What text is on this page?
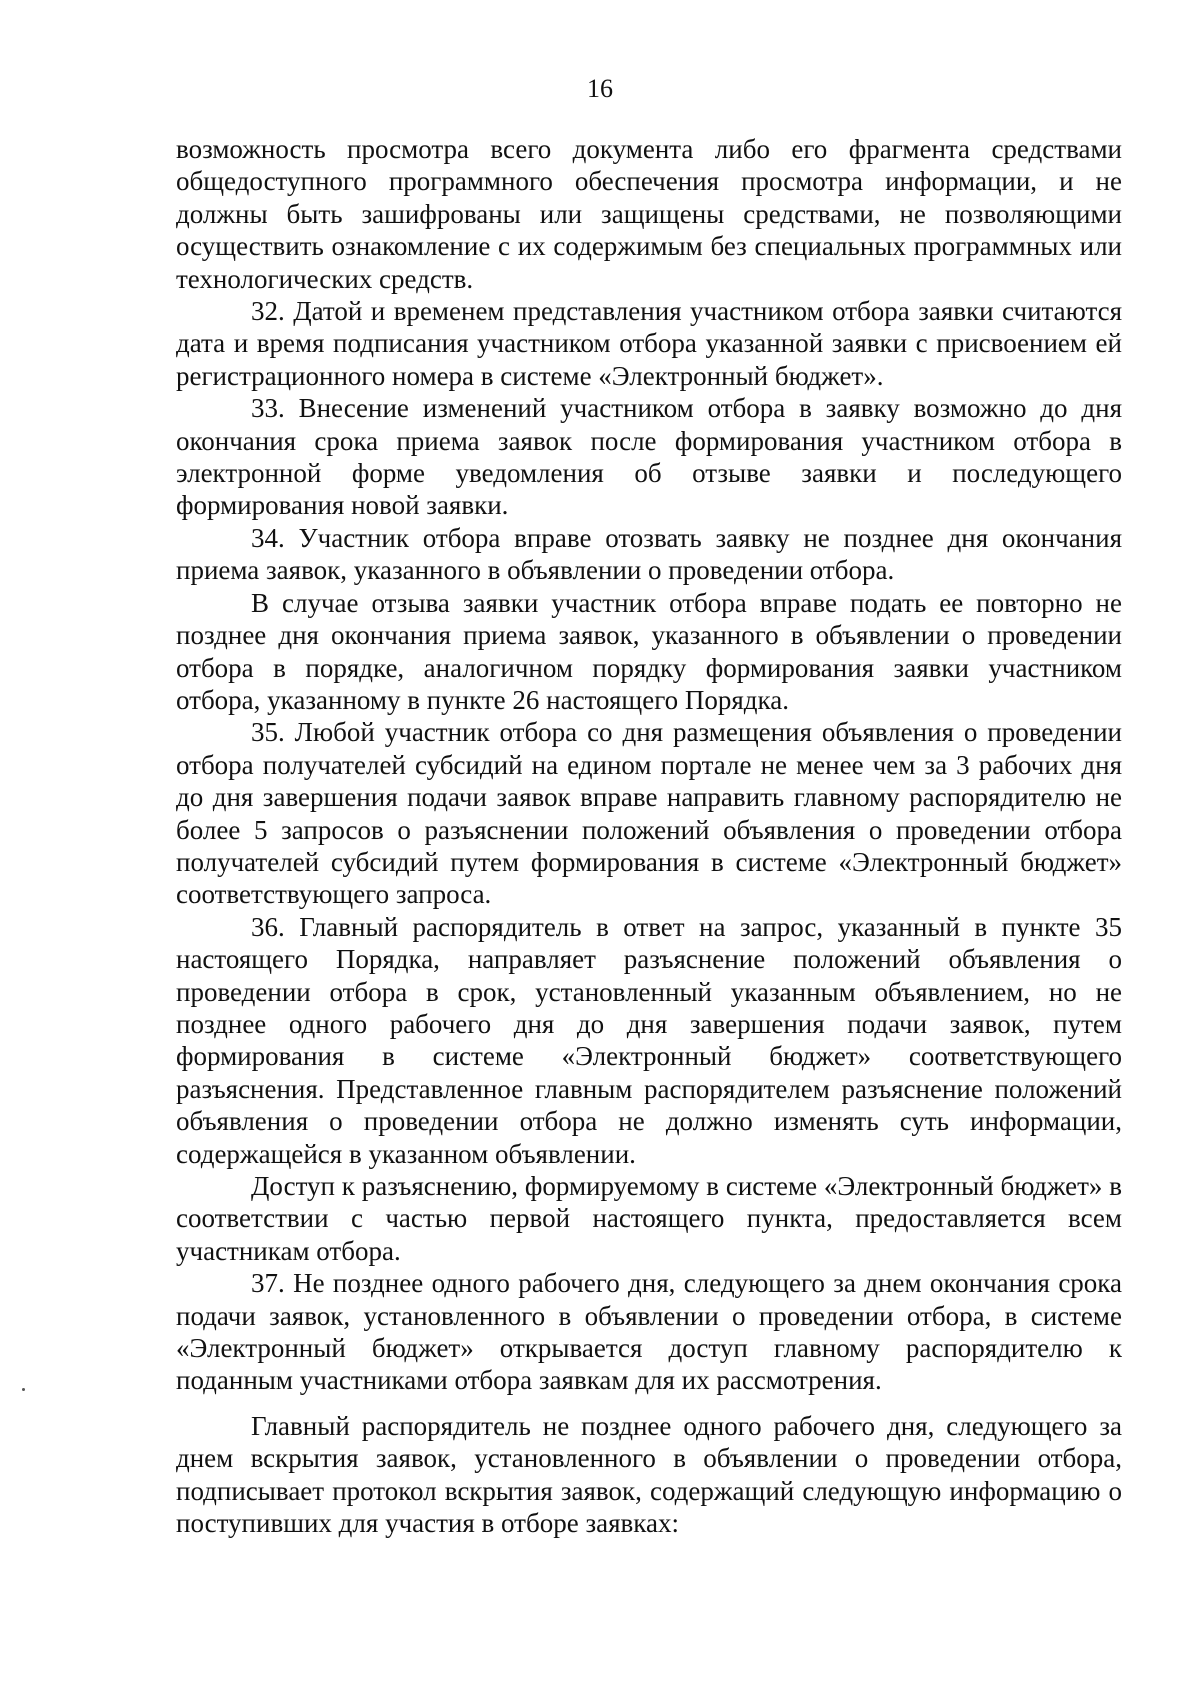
16

возможность просмотра всего документа либо его фрагмента средствами общедоступного программного обеспечения просмотра информации, и не должны быть зашифрованы или защищены средствами, не позволяющими осуществить ознакомление с их содержимым без специальных программных или технологических средств.

32. Датой и временем представления участником отбора заявки считаются дата и время подписания участником отбора указанной заявки с присвоением ей регистрационного номера в системе «Электронный бюджет».

33. Внесение изменений участником отбора в заявку возможно до дня окончания срока приема заявок после формирования участником отбора в электронной форме уведомления об отзыве заявки и последующего формирования новой заявки.

34. Участник отбора вправе отозвать заявку не позднее дня окончания приема заявок, указанного в объявлении о проведении отбора.

В случае отзыва заявки участник отбора вправе подать ее повторно не позднее дня окончания приема заявок, указанного в объявлении о проведении отбора в порядке, аналогичном порядку формирования заявки участником отбора, указанному в пункте 26 настоящего Порядка.

35. Любой участник отбора со дня размещения объявления о проведении отбора получателей субсидий на едином портале не менее чем за 3 рабочих дня до дня завершения подачи заявок вправе направить главному распорядителю не более 5 запросов о разъяснении положений объявления о проведении отбора получателей субсидий путем формирования в системе «Электронный бюджет» соответствующего запроса.

36. Главный распорядитель в ответ на запрос, указанный в пункте 35 настоящего Порядка, направляет разъяснение положений объявления о проведении отбора в срок, установленный указанным объявлением, но не позднее одного рабочего дня до дня завершения подачи заявок, путем формирования в системе «Электронный бюджет» соответствующего разъяснения. Представленное главным распорядителем разъяснение положений объявления о проведении отбора не должно изменять суть информации, содержащейся в указанном объявлении.

Доступ к разъяснению, формируемому в системе «Электронный бюджет» в соответствии с частью первой настоящего пункта, предоставляется всем участникам отбора.

37. Не позднее одного рабочего дня, следующего за днем окончания срока подачи заявок, установленного в объявлении о проведении отбора, в системе «Электронный бюджет» открывается доступ главному распорядителю к поданным участниками отбора заявкам для их рассмотрения.

Главный распорядитель не позднее одного рабочего дня, следующего за днем вскрытия заявок, установленного в объявлении о проведении отбора, подписывает протокол вскрытия заявок, содержащий следующую информацию о поступивших для участия в отборе заявках:
